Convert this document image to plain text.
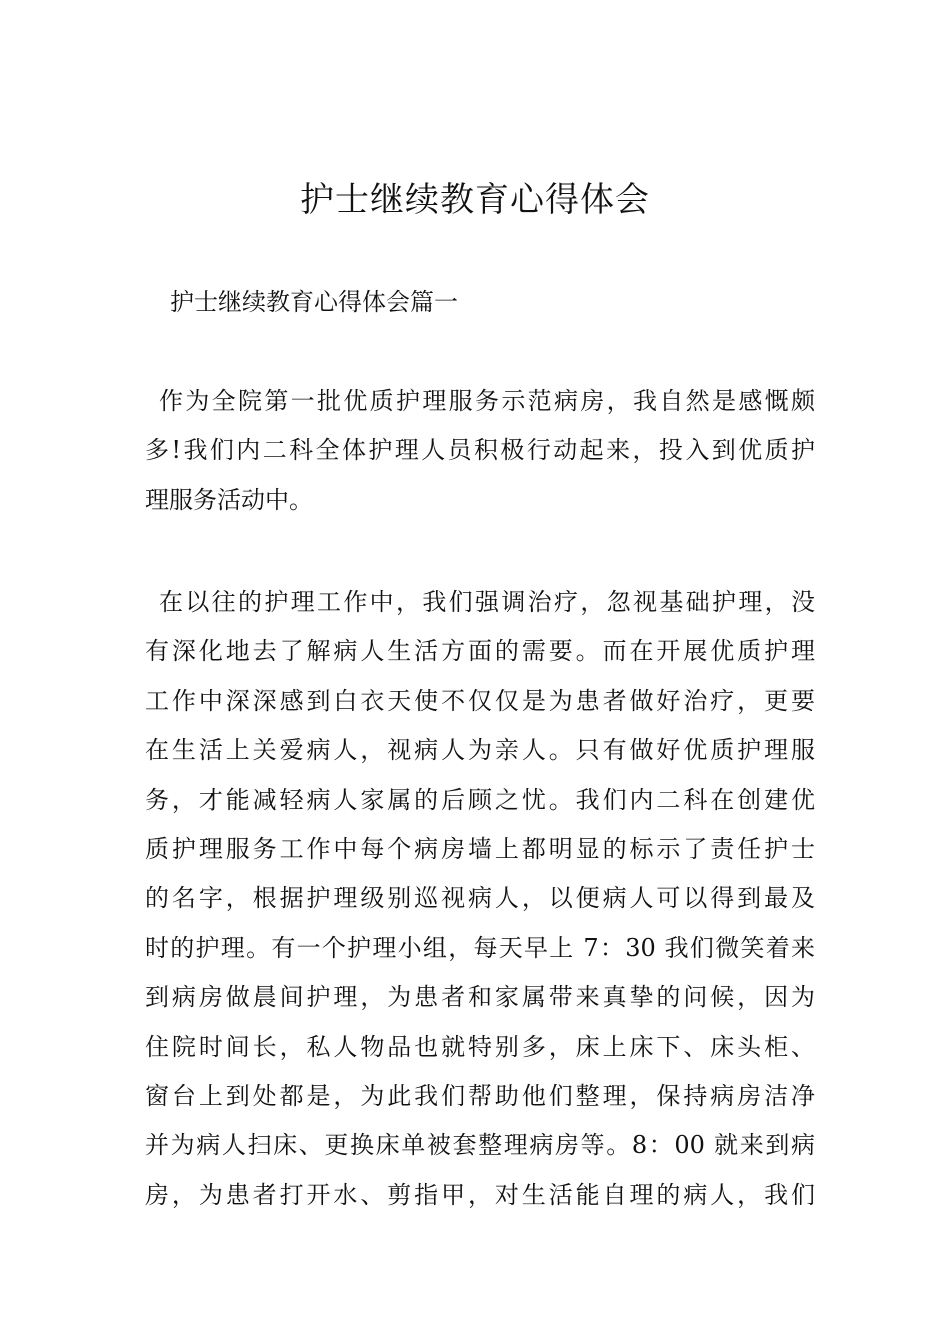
护士继续教育心得体会

护士继续教育心得体会篇一

作为全院第一批优质护理服务示范病房，我自然是感慨颇
多!我们内二科全体护理人员积极行动起来，投入到优质护
理服务活动中。
在以往的护理工作中，我们强调治疗，忽视基础护理，没
有深化地去了解病人生活方面的需要。而在开展优质护理
工作中深深感到白衣天使不仅仅是为患者做好治疗，更要
在生活上关爱病人，视病人为亲人。只有做好优质护理服
务，才能减轻病人家属的后顾之忧。我们内二科在创建优
质护理服务工作中每个病房墙上都明显的标示了责任护士
的名字，根据护理级别巡视病人，以便病人可以得到最及
时的护理。有一个护理小组，每天早上 7：30 我们微笑着来
到病房做晨间护理，为患者和家属带来真挚的问候，因为
住院时间长，私人物品也就特别多，床上床下、床头柜、
窗台上到处都是，为此我们帮助他们整理，保持病房洁净
并为病人扫床、更换床单被套整理病房等。8：00 就来到病
房，为患者打开水、剪指甲，对生活能自理的病人，我们
